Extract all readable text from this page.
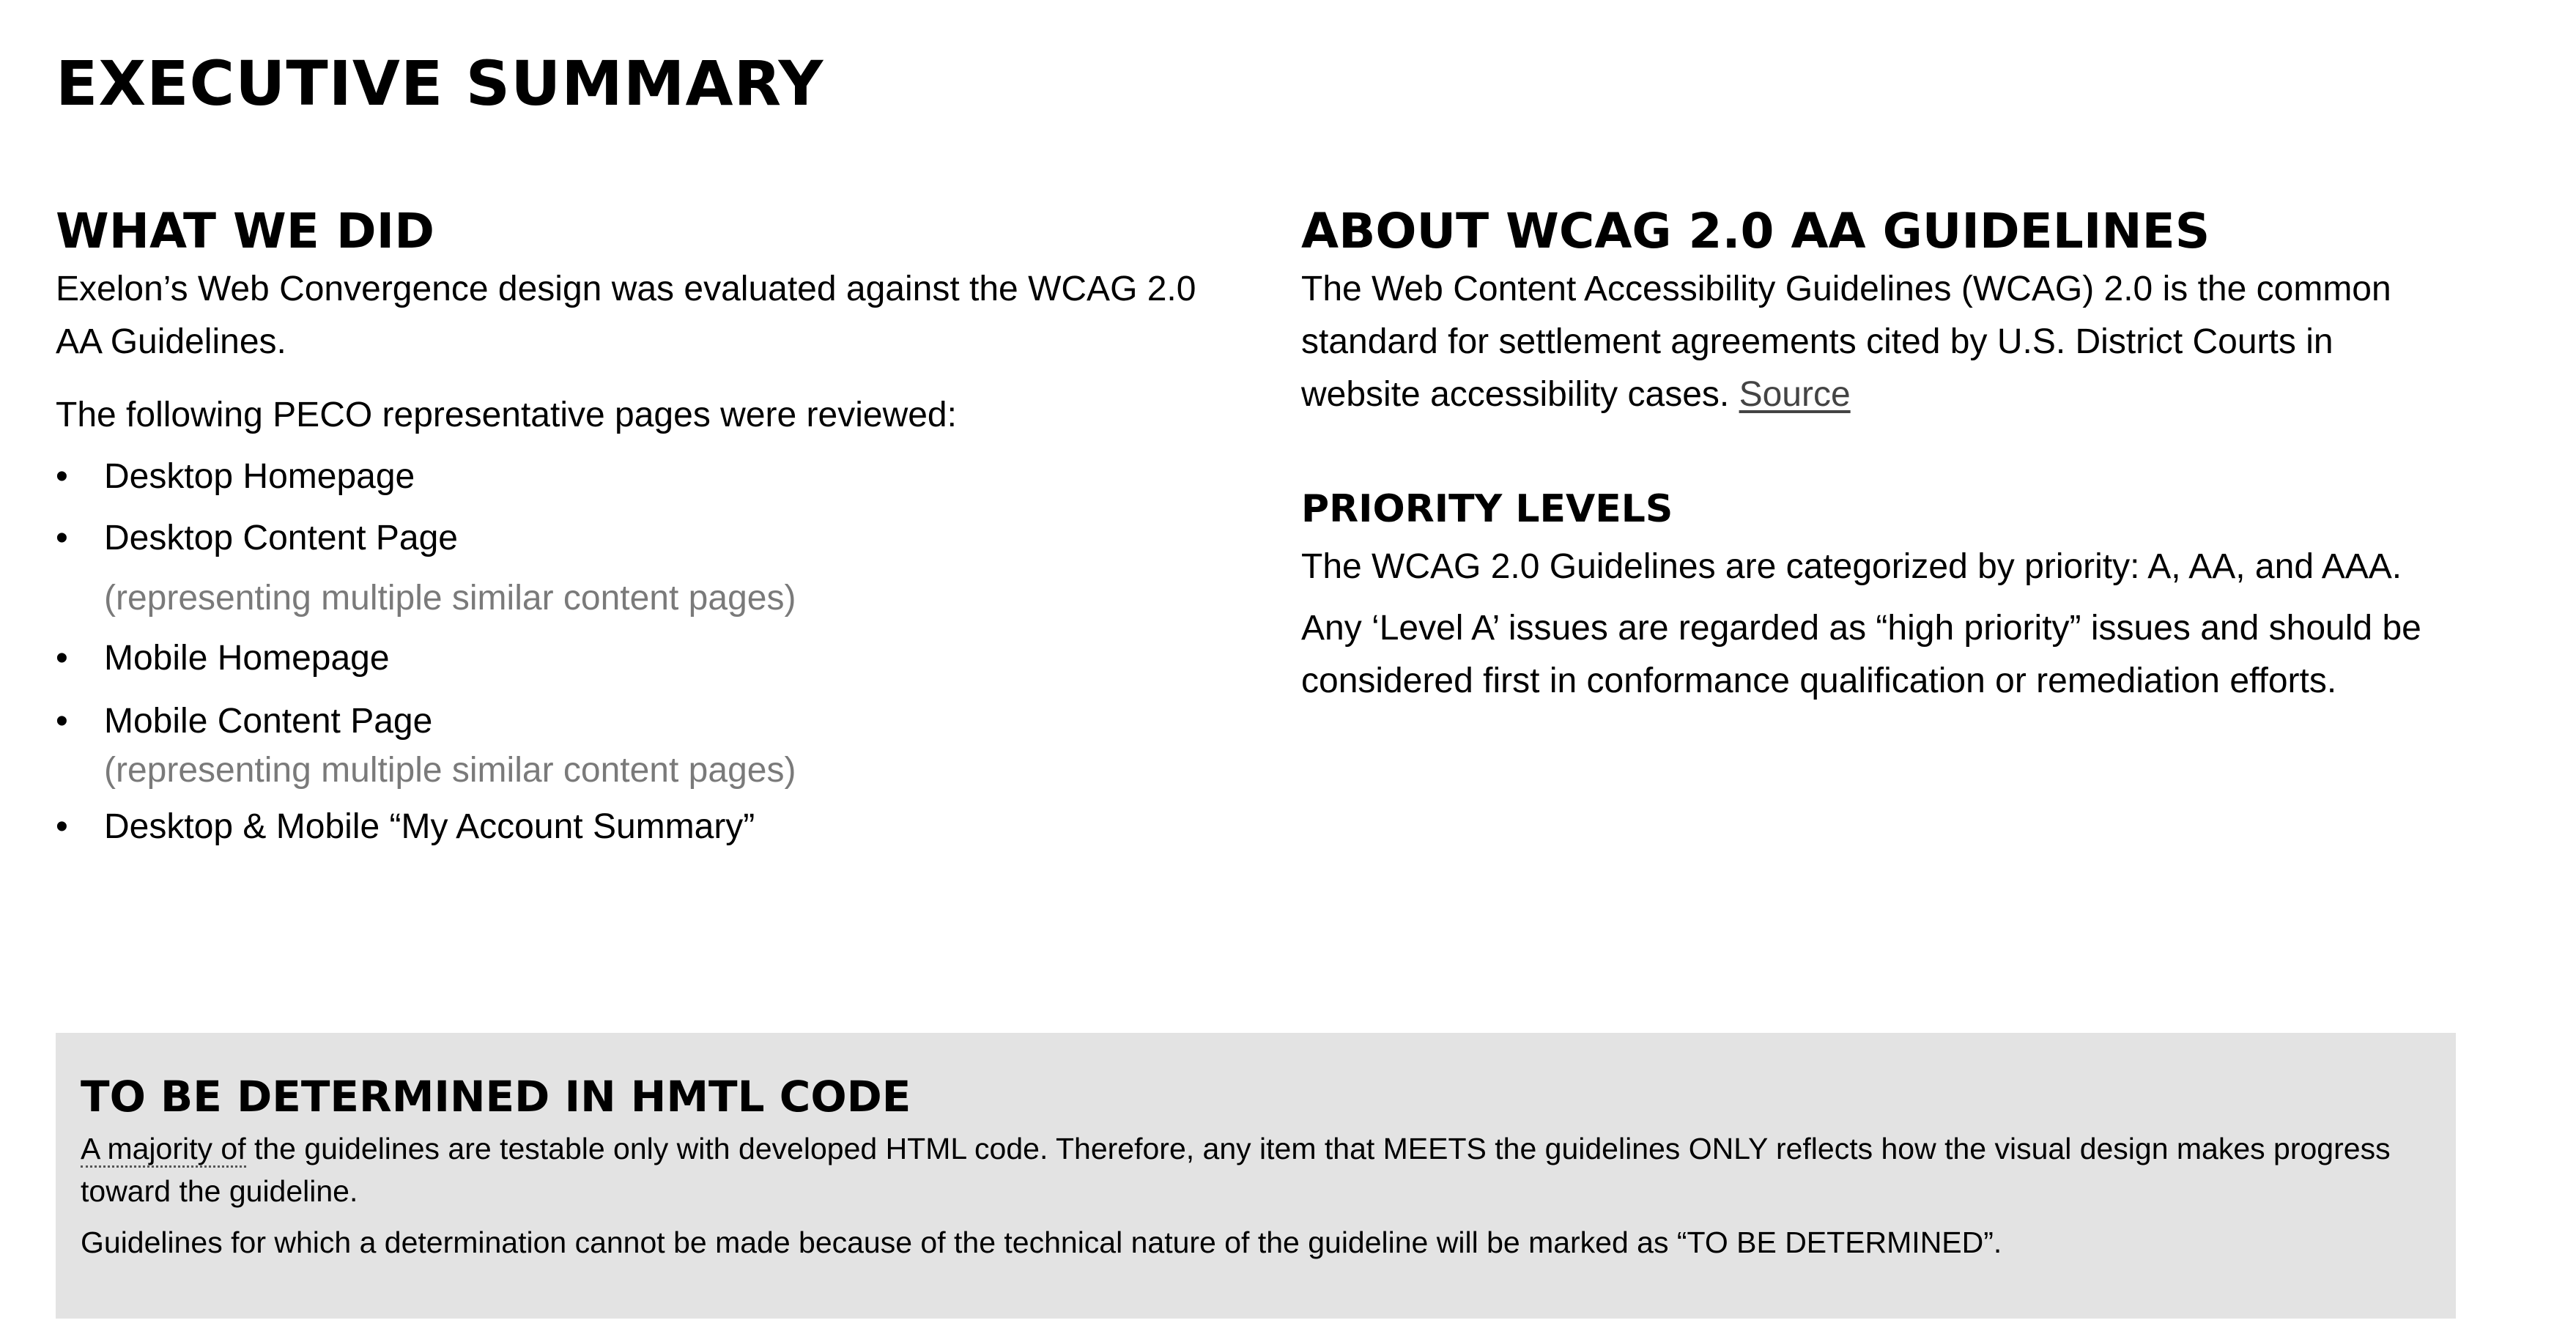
EXECUTIVE SUMMARY
WHAT WE DID

Exelon’s Web Convergence design was evaluated against the WCAG 2.0 AA Guidelines.

The following PECO representative pages were reviewed:

• Desktop Homepage
• Desktop Content Page
(representing multiple similar content pages)
• Mobile Homepage
• Mobile Content Page
(representing multiple similar content pages)
• Desktop & Mobile “My Account Summary”
ABOUT WCAG 2.0 AA GUIDELINES

The Web Content Accessibility Guidelines (WCAG) 2.0 is the common standard for settlement agreements cited by U.S. District Courts in website accessibility cases. Source

PRIORITY LEVELS

The WCAG 2.0 Guidelines are categorized by priority: A, AA, and AAA.

Any ‘Level A’ issues are regarded as “high priority” issues and should be considered first in conformance qualification or remediation efforts.

TO BE DETERMINED IN HMTL CODE

A majority of the guidelines are testable only with developed HTML code. Therefore, any item that MEETS the guidelines ONLY reflects how the visual design makes progress toward the guideline.

Guidelines for which a determination cannot be made because of the technical nature of the guideline will be marked as “TO BE DETERMINED”.
